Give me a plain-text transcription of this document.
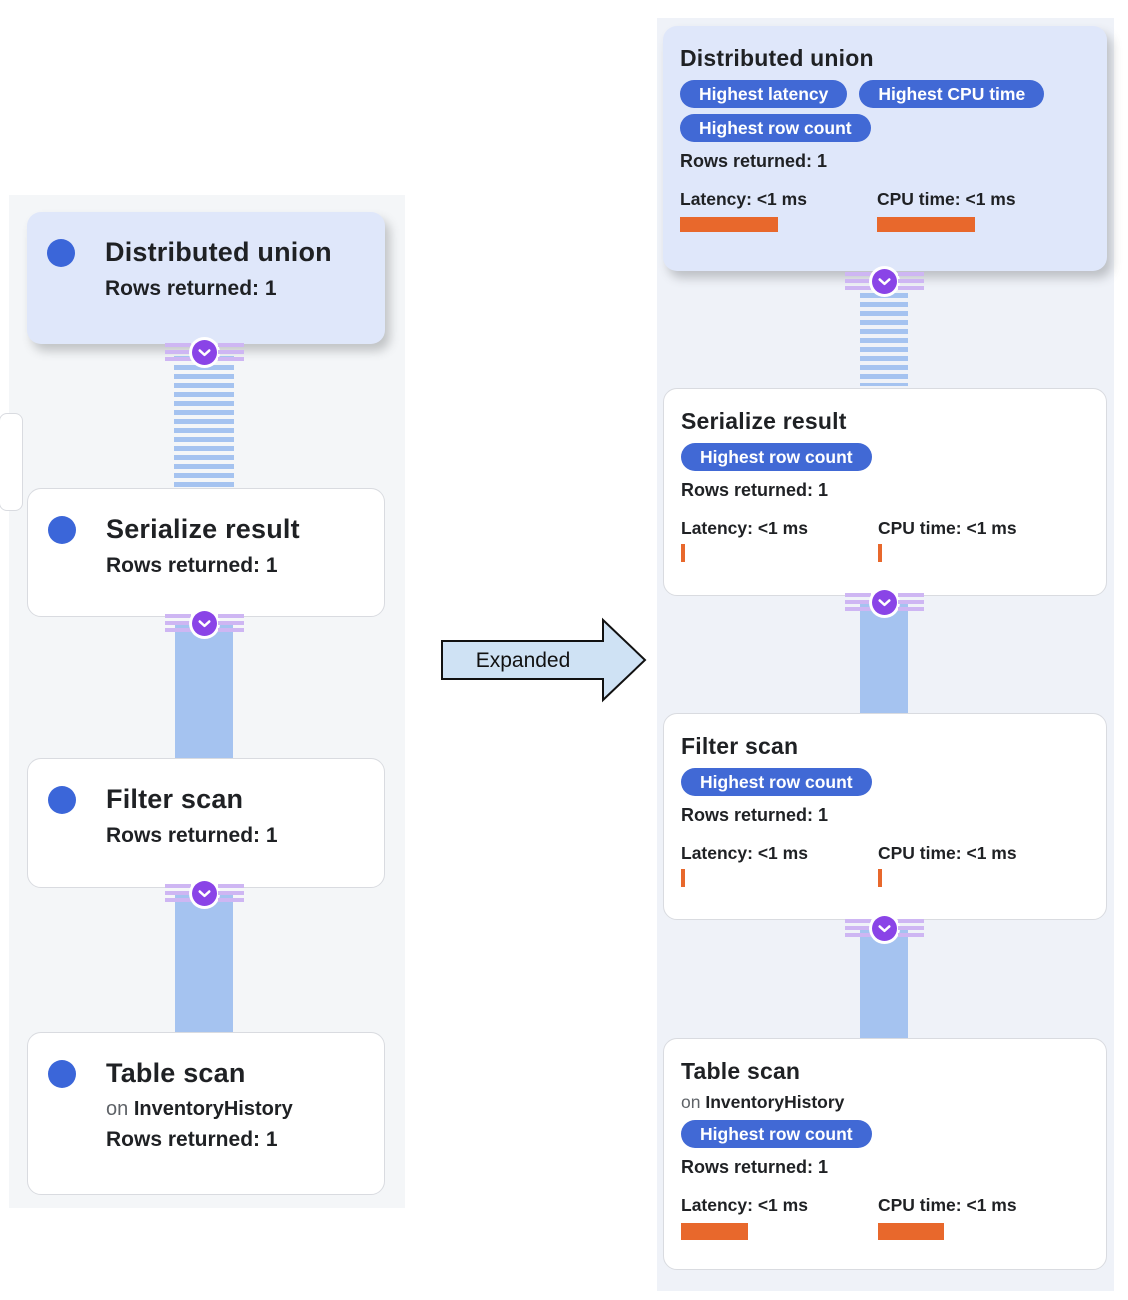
Distributed union
Rows returned: 1
Serialize result
Rows returned: 1
Filter scan
Rows returned: 1
Table scan
on InventoryHistory
Rows returned: 1
Expanded
Distributed union
Highest latency	Highest CPU time
Highest row count
Rows returned: 1
Latency: <1 ms	CPU time: <1 ms
Serialize result
Highest row count
Rows returned: 1
Latency: <1 ms	CPU time: <1 ms
Filter scan
Highest row count
Rows returned: 1
Latency: <1 ms	CPU time: <1 ms
Table scan
on InventoryHistory
Highest row count
Rows returned: 1
Latency: <1 ms	CPU time: <1 ms
